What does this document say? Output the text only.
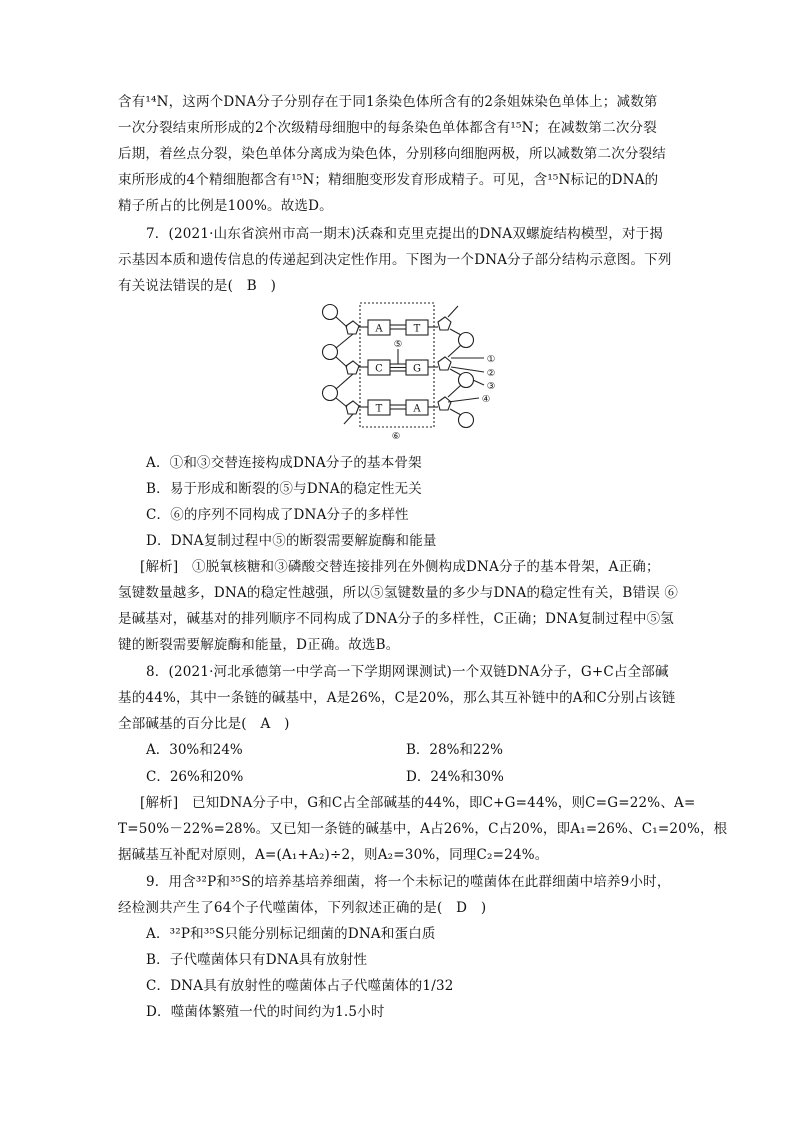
含有¹⁴N，这两个DNA分子分别存在于同1条染色体所含有的2条姐妹染色单体上；减数第
一次分裂结束所形成的2个次级精母细胞中的每条染色单体都含有¹⁵N；在减数第二次分裂
后期，着丝点分裂，染色单体分离成为染色体，分别移向细胞两极，所以减数第二次分裂结
束所形成的4个精细胞都含有¹⁵N；精细胞变形发育形成精子。可见，含¹⁵N标记的DNA的
精子所占的比例是100%。故选D。
7．(2021·山东省滨州市高一期末)沃森和克里克提出的DNA双螺旋结构模型，对于揭
示基因本质和遗传信息的传递起到决定性作用。下图为一个DNA分子部分结构示意图。下列
有关说法错误的是(　B　)
A	T
C	G
T	A
①
②
③
④
⑤
⑥
A．①和③交替连接构成DNA分子的基本骨架
B．易于形成和断裂的⑤与DNA的稳定性无关
C．⑥的序列不同构成了DNA分子的多样性
D．DNA复制过程中⑤的断裂需要解旋酶和能量
[解析]　①脱氧核糖和③磷酸交替连接排列在外侧构成DNA分子的基本骨架，A正确；
氢键数量越多，DNA的稳定性越强，所以⑤氢键数量的多少与DNA的稳定性有关，B错误 ⑥
是碱基对，碱基对的排列顺序不同构成了DNA分子的多样性，C正确；DNA复制过程中⑤氢
键的断裂需要解旋酶和能量，D正确。故选B。
8．(2021·河北承德第一中学高一下学期网课测试)一个双链DNA分子，G+C占全部碱
基的44%，其中一条链的碱基中，A是26%，C是20%，那么其互补链中的A和C分别占该链
全部碱基的百分比是(　A　)
A．30%和24%	B．28%和22%
C．26%和20%	D．24%和30%
[解析]　已知DNA分子中，G和C占全部碱基的44%，即C+G=44%，则C=G=22%、A=
T=50%－22%=28%。又已知一条链的碱基中，A占26%，C占20%，即A₁=26%、C₁=20%，根
据碱基互补配对原则，A=(A₁+A₂)÷2，则A₂=30%，同理C₂=24%。
9．用含³²P和³⁵S的培养基培养细菌，将一个未标记的噬菌体在此群细菌中培养9小时，
经检测共产生了64个子代噬菌体，下列叙述正确的是(　D　)
A．³²P和³⁵S只能分别标记细菌的DNA和蛋白质
B．子代噬菌体只有DNA具有放射性
C．DNA具有放射性的噬菌体占子代噬菌体的1/32
D．噬菌体繁殖一代的时间约为1.5小时
